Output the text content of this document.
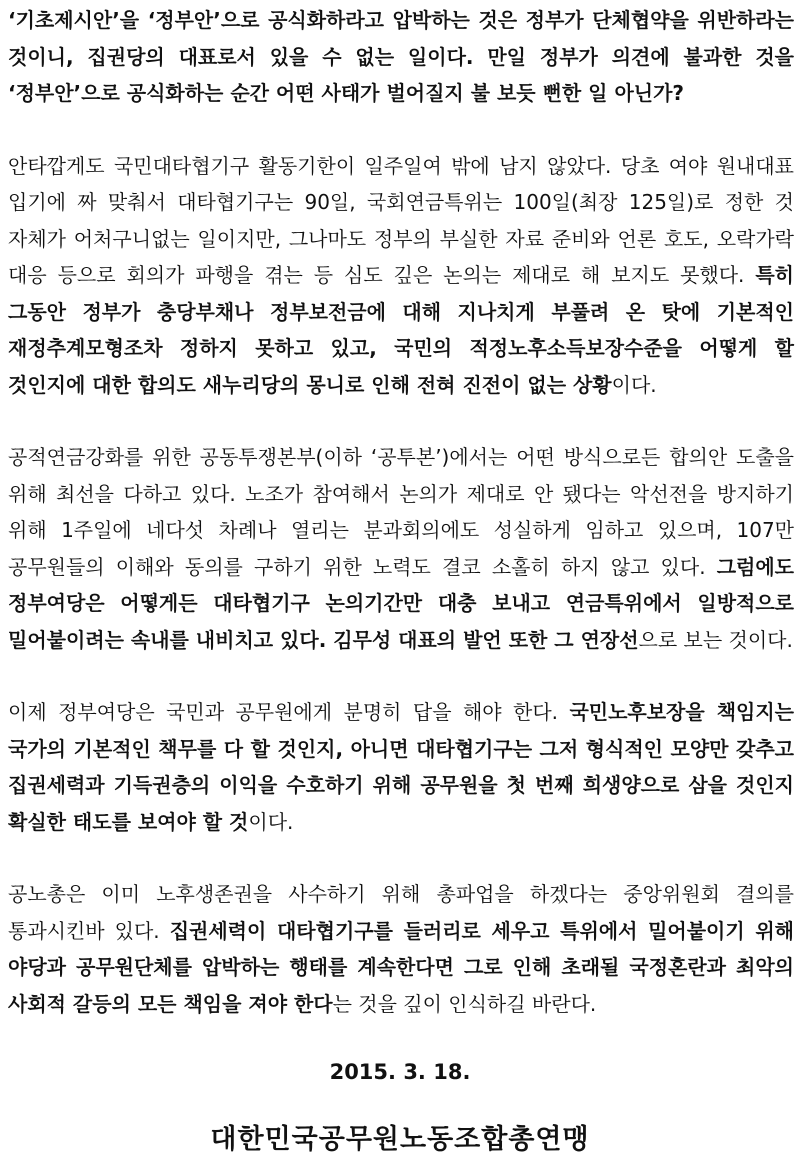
‘기초제시안’을 ‘정부안’으로 공식화하라고 압박하는 것은 정부가 단체협약을 위반하라는 것이니, 집권당의 대표로서 있을 수 없는 일이다. 만일 정부가 의견에 불과한 것을 ‘정부안’으로 공식화하는 순간 어떤 사태가 벌어질지 불 보듯 뻔한 일 아닌가?

안타깝게도 국민대타협기구 활동기한이 일주일여 밖에 남지 않았다. 당초 여야 원내대표 입기에 짜 맞춰서 대타협기구는 90일, 국회연금특위는 100일(최장 125일)로 정한 것 자체가 어처구니없는 일이지만, 그나마도 정부의 부실한 자료 준비와 언론 호도, 오락가락 대응 등으로 회의가 파행을 겪는 등 심도 깊은 논의는 제대로 해 보지도 못했다. 특히 그동안 정부가 충당부채나 정부보전금에 대해 지나치게 부풀려 온 탓에 기본적인 재정추계모형조차 정하지 못하고 있고, 국민의 적정노후소득보장수준을 어떻게 할 것인지에 대한 합의도 새누리당의 몽니로 인해 전혀 진전이 없는 상황이다.

공적연금강화를 위한 공동투쟁본부(이하 ‘공투본’)에서는 어떤 방식으로든 합의안 도출을 위해 최선을 다하고 있다. 노조가 참여해서 논의가 제대로 안 됐다는 악선전을 방지하기 위해 1주일에 네다섯 차례나 열리는 분과회의에도 성실하게 임하고 있으며, 107만 공무원들의 이해와 동의를 구하기 위한 노력도 결코 소홀히 하지 않고 있다. 그럼에도 정부여당은 어떻게든 대타협기구 논의기간만 대충 보내고 연금특위에서 일방적으로 밀어붙이려는 속내를 내비치고 있다. 김무성 대표의 발언 또한 그 연장선으로 보는 것이다.

이제 정부여당은 국민과 공무원에게 분명히 답을 해야 한다. 국민노후보장을 책임지는 국가의 기본적인 책무를 다 할 것인지, 아니면 대타협기구는 그저 형식적인 모양만 갖추고 집권세력과 기득권층의 이익을 수호하기 위해 공무원을 첫 번째 희생양으로 삼을 것인지 확실한 태도를 보여야 할 것이다.

공노총은 이미 노후생존권을 사수하기 위해 총파업을 하겠다는 중앙위원회 결의를 통과시킨바 있다. 집권세력이 대타협기구를 들러리로 세우고 특위에서 밀어붙이기 위해 야당과 공무원단체를 압박하는 행태를 계속한다면 그로 인해 초래될 국정혼란과 최악의 사회적 갈등의 모든 책임을 져야 한다는 것을 깊이 인식하길 바란다.

2015. 3. 18.
대한민국공무원노동조합총연맹
